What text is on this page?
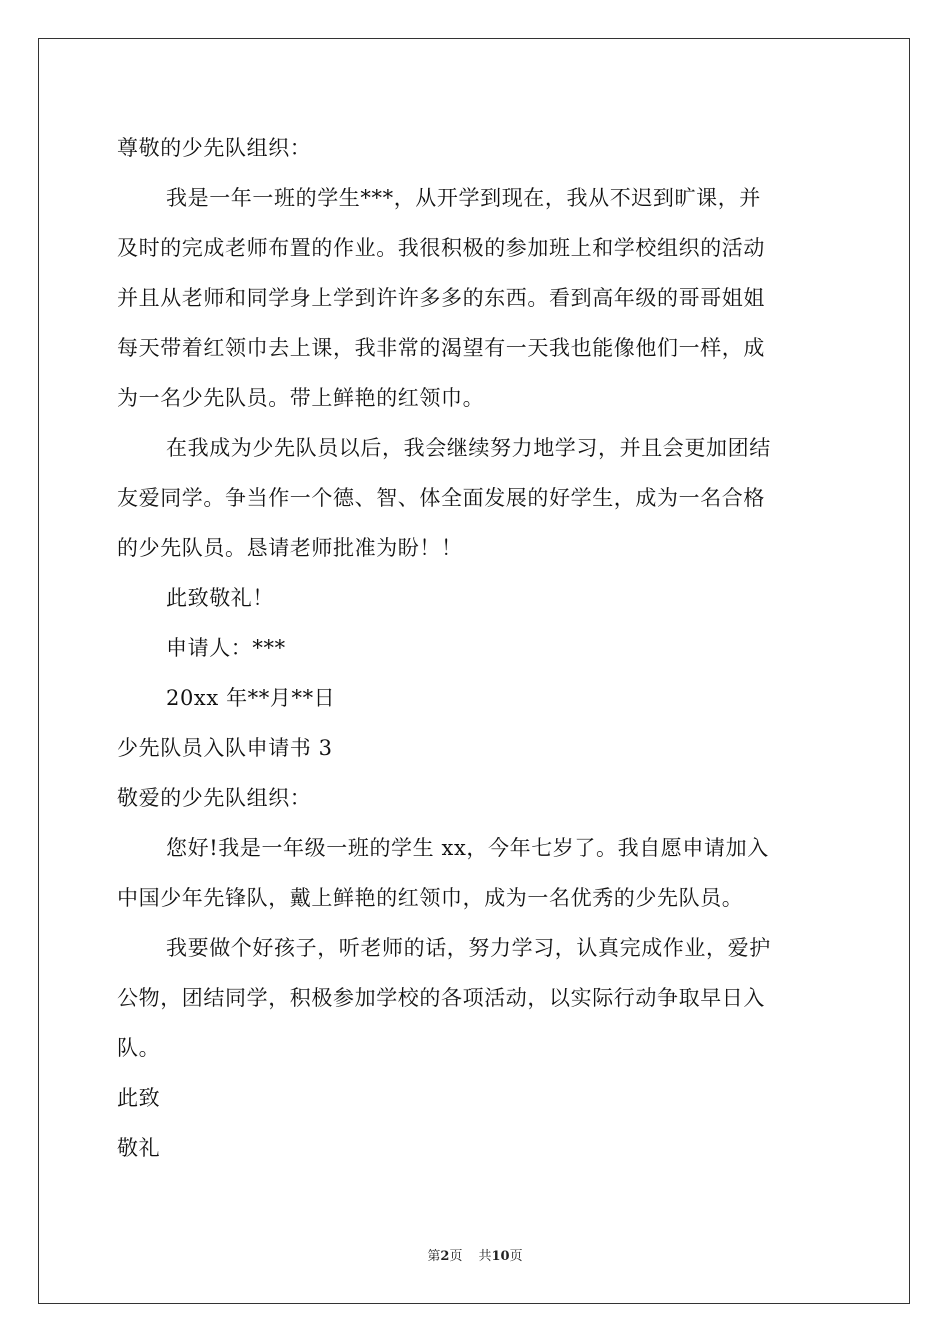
尊敬的少先队组织：
我是一年一班的学生***，从开学到现在，我从不迟到旷课，并
及时的完成老师布置的作业。我很积极的参加班上和学校组织的活动
并且从老师和同学身上学到许许多多的东西。看到高年级的哥哥姐姐
每天带着红领巾去上课，我非常的渴望有一天我也能像他们一样，成
为一名少先队员。带上鲜艳的红领巾。
在我成为少先队员以后，我会继续努力地学习，并且会更加团结
友爱同学。争当作一个德、智、体全面发展的好学生，成为一名合格
的少先队员。恳请老师批准为盼！！
此致敬礼！
申请人：***
20xx 年**月**日
少先队员入队申请书 3
敬爱的少先队组织：
您好!我是一年级一班的学生 xx，今年七岁了。我自愿申请加入
中国少年先锋队，戴上鲜艳的红领巾，成为一名优秀的少先队员。
我要做个好孩子，听老师的话，努力学习，认真完成作业，爱护
公物，团结同学，积极参加学校的各项活动，以实际行动争取早日入
队。
此致
敬礼
第2页 共10页
